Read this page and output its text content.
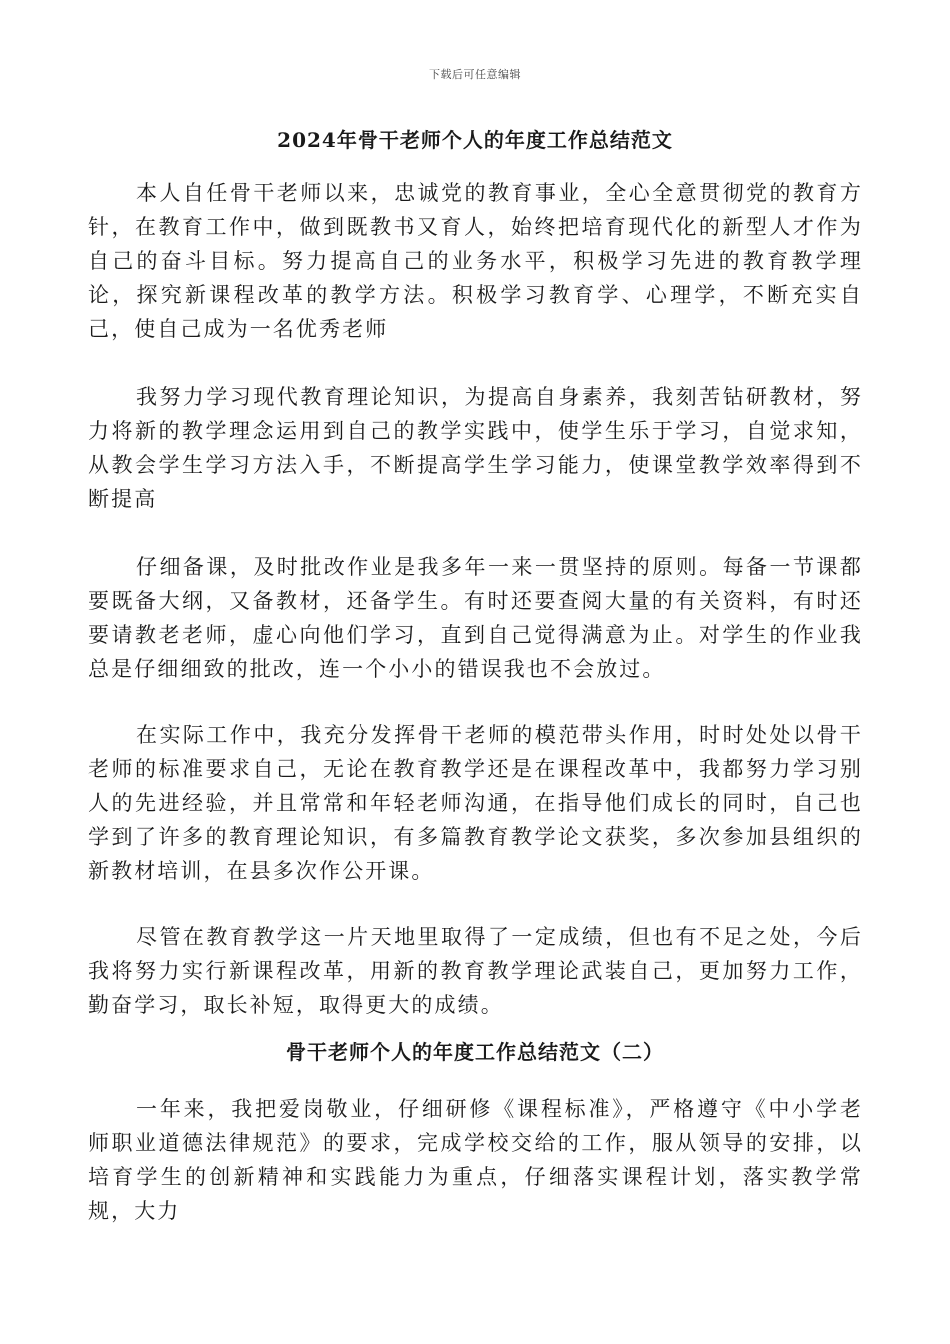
下载后可任意编辑
2024年骨干老师个人的年度工作总结范文

本人自任骨干老师以来，忠诚党的教育事业，全心全意贯彻党的教育方针，在教育工作中，做到既教书又育人，始终把培育现代化的新型人才作为自己的奋斗目标。努力提高自己的业务水平，积极学习先进的教育教学理论，探究新课程改革的教学方法。积极学习教育学、心理学，不断充实自己，使自己成为一名优秀老师

我努力学习现代教育理论知识，为提高自身素养，我刻苦钻研教材，努力将新的教学理念运用到自己的教学实践中，使学生乐于学习，自觉求知，从教会学生学习方法入手，不断提高学生学习能力，使课堂教学效率得到不断提高

仔细备课，及时批改作业是我多年一来一贯坚持的原则。每备一节课都要既备大纲，又备教材，还备学生。有时还要查阅大量的有关资料，有时还要请教老老师，虚心向他们学习，直到自己觉得满意为止。对学生的作业我总是仔细细致的批改，连一个小小的错误我也不会放过。

在实际工作中，我充分发挥骨干老师的模范带头作用，时时处处以骨干老师的标准要求自己，无论在教育教学还是在课程改革中，我都努力学习别人的先进经验，并且常常和年轻老师沟通，在指导他们成长的同时，自己也学到了许多的教育理论知识，有多篇教育教学论文获奖，多次参加县组织的新教材培训，在县多次作公开课。

尽管在教育教学这一片天地里取得了一定成绩，但也有不足之处，今后我将努力实行新课程改革，用新的教育教学理论武装自己，更加努力工作，勤奋学习，取长补短，取得更大的成绩。

骨干老师个人的年度工作总结范文（二）

一年来，我把爱岗敬业，仔细研修《课程标准》，严格遵守《中小学老师职业道德法律规范》的要求，完成学校交给的工作，服从领导的安排，以培育学生的创新精神和实践能力为重点，仔细落实课程计划，落实教学常规，大力
